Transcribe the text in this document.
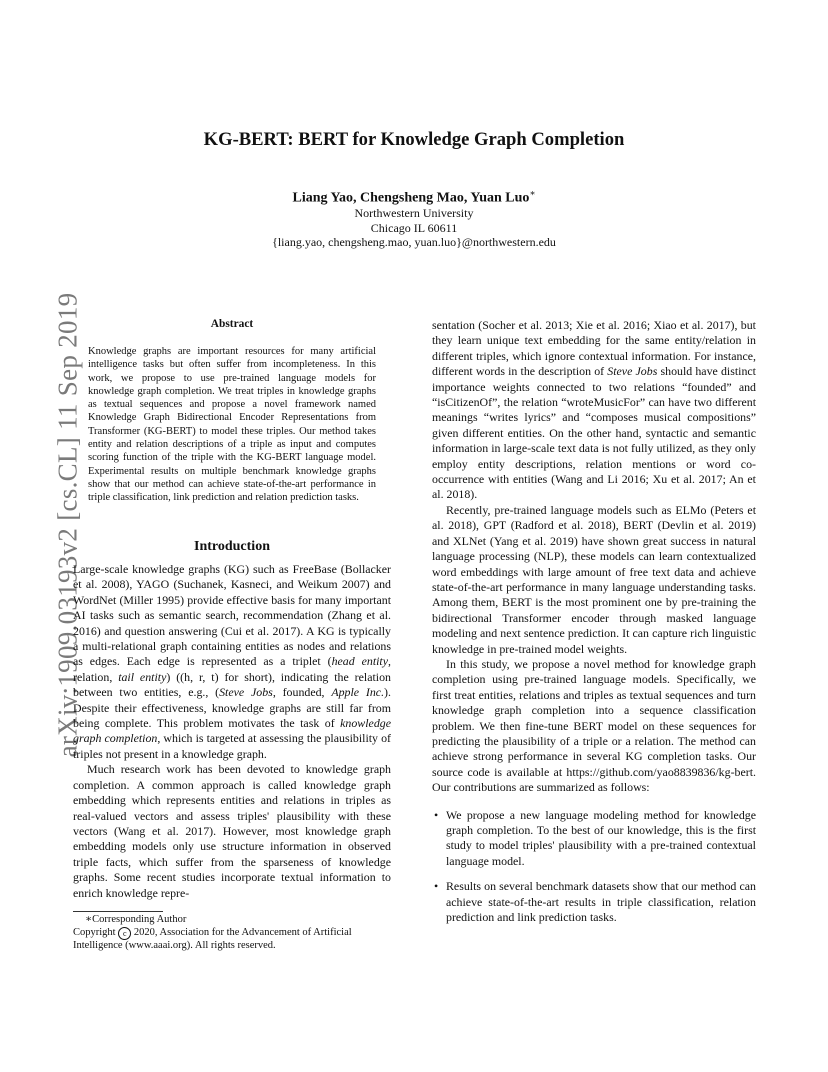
arXiv:1909.03193v2 [cs.CL] 11 Sep 2019
KG-BERT: BERT for Knowledge Graph Completion
Liang Yao, Chengsheng Mao, Yuan Luo∗
Northwestern University
Chicago IL 60611
{liang.yao, chengsheng.mao, yuan.luo}@northwestern.edu
Abstract
Knowledge graphs are important resources for many artificial intelligence tasks but often suffer from incompleteness. In this work, we propose to use pre-trained language models for knowledge graph completion. We treat triples in knowledge graphs as textual sequences and propose a novel framework named Knowledge Graph Bidirectional Encoder Representations from Transformer (KG-BERT) to model these triples. Our method takes entity and relation descriptions of a triple as input and computes scoring function of the triple with the KG-BERT language model. Experimental results on multiple benchmark knowledge graphs show that our method can achieve state-of-the-art performance in triple classification, link prediction and relation prediction tasks.
Introduction

Large-scale knowledge graphs (KG) such as FreeBase (Bollacker et al. 2008), YAGO (Suchanek, Kasneci, and Weikum 2007) and WordNet (Miller 1995) provide effective basis for many important AI tasks such as semantic search, recommendation (Zhang et al. 2016) and question answering (Cui et al. 2017). A KG is typically a multi-relational graph containing entities as nodes and relations as edges. Each edge is represented as a triplet (head entity, relation, tail entity) ((h, r, t) for short), indicating the relation between two entities, e.g., (Steve Jobs, founded, Apple Inc.). Despite their effectiveness, knowledge graphs are still far from being complete. This problem motivates the task of knowledge graph completion, which is targeted at assessing the plausibility of triples not present in a knowledge graph.

Much research work has been devoted to knowledge graph completion. A common approach is called knowledge graph embedding which represents entities and relations in triples as real-valued vectors and assess triples' plausibility with these vectors (Wang et al. 2017). However, most knowledge graph embedding models only use structure information in observed triple facts, which suffer from the sparseness of knowledge graphs. Some recent studies incorporate textual information to enrich knowledge repre-

sentation (Socher et al. 2013; Xie et al. 2016; Xiao et al. 2017), but they learn unique text embedding for the same entity/relation in different triples, which ignore contextual information. For instance, different words in the description of Steve Jobs should have distinct importance weights connected to two relations “founded” and “isCitizenOf”, the relation “wroteMusicFor” can have two different meanings “writes lyrics” and “composes musical compositions” given different entities. On the other hand, syntactic and semantic information in large-scale text data is not fully utilized, as they only employ entity descriptions, relation mentions or word co-occurrence with entities (Wang and Li 2016; Xu et al. 2017; An et al. 2018).

Recently, pre-trained language models such as ELMo (Peters et al. 2018), GPT (Radford et al. 2018), BERT (Devlin et al. 2019) and XLNet (Yang et al. 2019) have shown great success in natural language processing (NLP), these models can learn contextualized word embeddings with large amount of free text data and achieve state-of-the-art performance in many language understanding tasks. Among them, BERT is the most prominent one by pre-training the bidirectional Transformer encoder through masked language modeling and next sentence prediction. It can capture rich linguistic knowledge in pre-trained model weights.

In this study, we propose a novel method for knowledge graph completion using pre-trained language models. Specifically, we first treat entities, relations and triples as textual sequences and turn knowledge graph completion into a sequence classification problem. We then fine-tune BERT model on these sequences for predicting the plausibility of a triple or a relation. The method can achieve strong performance in several KG completion tasks. Our source code is available at https://github.com/yao8839836/kg-bert. Our contributions are summarized as follows:

• We propose a new language modeling method for knowledge graph completion. To the best of our knowledge, this is the first study to model triples' plausibility with a pre-trained contextual language model.
• Results on several benchmark datasets show that our method can achieve state-of-the-art results in triple classification, relation prediction and link prediction tasks.

∗Corresponding Author

Copyright c 2020, Association for the Advancement of Artificial

Intelligence (www.aaai.org). All rights reserved.
